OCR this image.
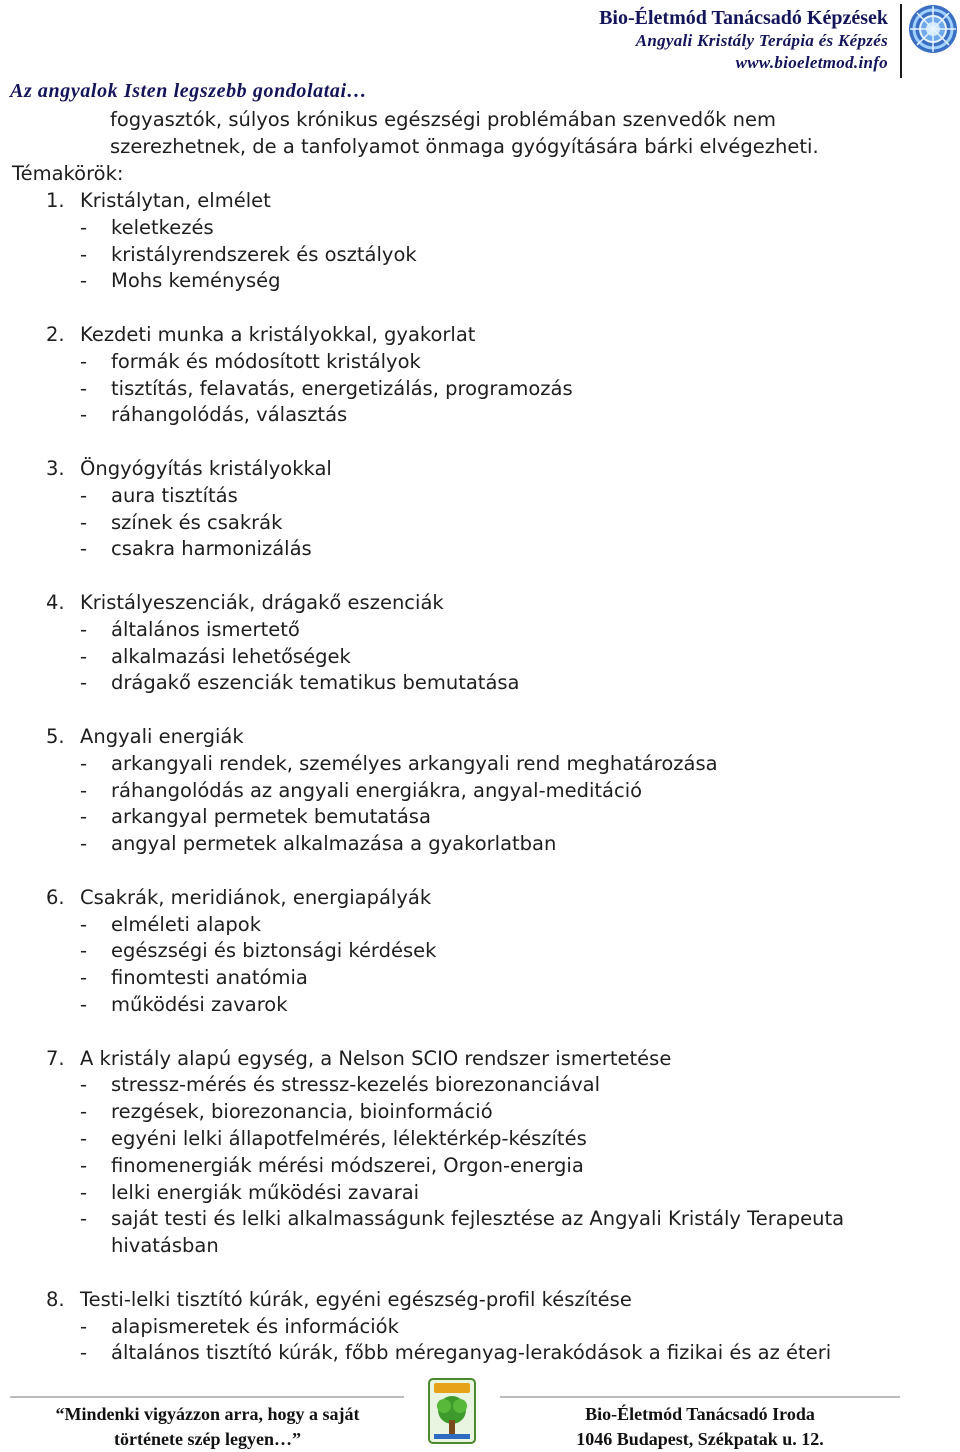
Bio-Életmód Tanácsadó Képzések
Angyali Kristály Terápia és Képzés
www.bioeletmod.info
Az angyalok Isten legszebb gondolatai…
fogyasztók, súlyos krónikus egészségi problémában szenvedők nem
szerezhetnek, de a tanfolyamot önmaga gyógyítására bárki elvégezheti.
Témakörök:
1. Kristálytan, elmélet
- keletkezés
- kristályrendszerek és osztályok
- Mohs keménység
2. Kezdeti munka a kristályokkal, gyakorlat
- formák és módosított kristályok
- tisztítás, felavatás, energetizálás, programozás
- ráhangolódás, választás
3. Öngyógyítás kristályokkal
- aura tisztítás
- színek és csakrák
- csakra harmonizálás
4. Kristályeszenciák, drágakő eszenciák
- általános ismertető
- alkalmazási lehetőségek
- drágakő eszenciák tematikus bemutatása
5. Angyali energiák
- arkangyali rendek, személyes arkangyali rend meghatározása
- ráhangolódás az angyali energiákra, angyal-meditáció
- arkangyal permetek bemutatása
- angyal permetek alkalmazása a gyakorlatban
6. Csakrák, meridiánok, energiapályák
- elméleti alapok
- egészségi és biztonsági kérdések
- finomtesti anatómia
- működési zavarok
7. A kristály alapú egység, a Nelson SCIO rendszer ismertetése
- stressz-mérés és stressz-kezelés biorezonanciával
- rezgések, biorezonancia, bioinformáció
- egyéni lelki állapotfelmérés, lélektérkép-készítés
- finomenergiák mérési módszerei, Orgon-energia
- lelki energiák működési zavarai
- saját testi és lelki alkalmasságunk fejlesztése az Angyali Kristály Terapeuta
hivatásban
8. Testi-lelki tisztító kúrák, egyéni egészség-profil készítése
- alapismeretek és információk
- általános tisztító kúrák, főbb méreganyag-lerakódások a fizikai és az éteri
“Mindenki vigyázzon arra, hogy a saját
története szép legyen…”
Bio-Életmód Tanácsadó Iroda
1046 Budapest, Székpatak u. 12.
